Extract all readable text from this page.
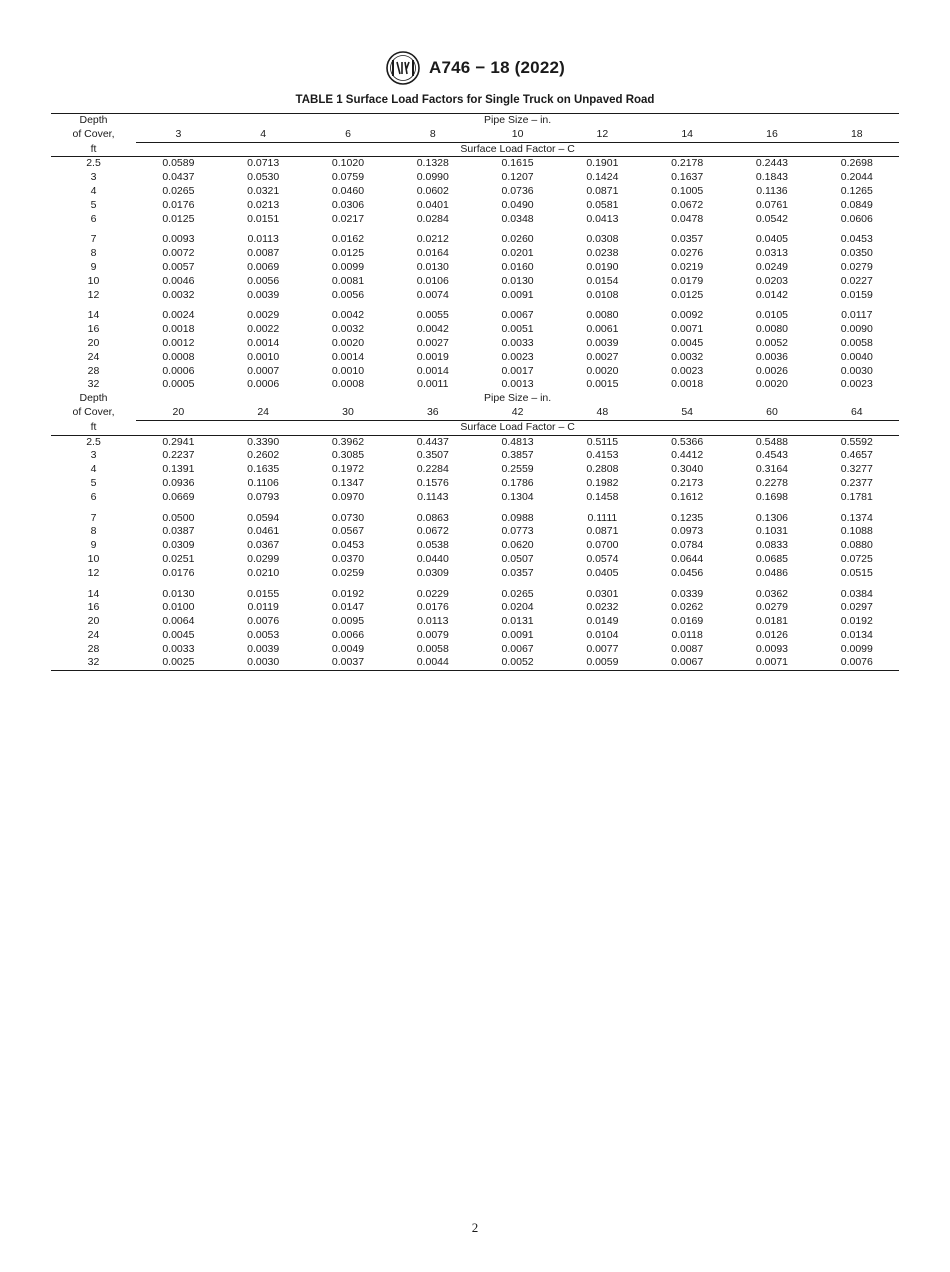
A746 − 18 (2022)
TABLE 1 Surface Load Factors for Single Truck on Unpaved Road
Depth	Pipe Size – in.								
of Cover,	3	4	6	8	10	12	14	16	18
ft	Surface Load Factor – C								
2.5	0.0589	0.0713	0.1020	0.1328	0.1615	0.1901	0.2178	0.2443	0.2698
3	0.0437	0.0530	0.0759	0.0990	0.1207	0.1424	0.1637	0.1843	0.2044
4	0.0265	0.0321	0.0460	0.0602	0.0736	0.0871	0.1005	0.1136	0.1265
5	0.0176	0.0213	0.0306	0.0401	0.0490	0.0581	0.0672	0.0761	0.0849
6	0.0125	0.0151	0.0217	0.0284	0.0348	0.0413	0.0478	0.0542	0.0606

7	0.0093	0.0113	0.0162	0.0212	0.0260	0.0308	0.0357	0.0405	0.0453
8	0.0072	0.0087	0.0125	0.0164	0.0201	0.0238	0.0276	0.0313	0.0350
9	0.0057	0.0069	0.0099	0.0130	0.0160	0.0190	0.0219	0.0249	0.0279
10	0.0046	0.0056	0.0081	0.0106	0.0130	0.0154	0.0179	0.0203	0.0227
12	0.0032	0.0039	0.0056	0.0074	0.0091	0.0108	0.0125	0.0142	0.0159

14	0.0024	0.0029	0.0042	0.0055	0.0067	0.0080	0.0092	0.0105	0.0117
16	0.0018	0.0022	0.0032	0.0042	0.0051	0.0061	0.0071	0.0080	0.0090
20	0.0012	0.0014	0.0020	0.0027	0.0033	0.0039	0.0045	0.0052	0.0058
24	0.0008	0.0010	0.0014	0.0019	0.0023	0.0027	0.0032	0.0036	0.0040
28	0.0006	0.0007	0.0010	0.0014	0.0017	0.0020	0.0023	0.0026	0.0030
32	0.0005	0.0006	0.0008	0.0011	0.0013	0.0015	0.0018	0.0020	0.0023
Depth	Pipe Size – in.								
of Cover,	20	24	30	36	42	48	54	60	64
ft	Surface Load Factor – C								
2.5	0.2941	0.3390	0.3962	0.4437	0.4813	0.5115	0.5366	0.5488	0.5592
3	0.2237	0.2602	0.3085	0.3507	0.3857	0.4153	0.4412	0.4543	0.4657
4	0.1391	0.1635	0.1972	0.2284	0.2559	0.2808	0.3040	0.3164	0.3277
5	0.0936	0.1106	0.1347	0.1576	0.1786	0.1982	0.2173	0.2278	0.2377
6	0.0669	0.0793	0.0970	0.1143	0.1304	0.1458	0.1612	0.1698	0.1781

7	0.0500	0.0594	0.0730	0.0863	0.0988	0.1111	0.1235	0.1306	0.1374
8	0.0387	0.0461	0.0567	0.0672	0.0773	0.0871	0.0973	0.1031	0.1088
9	0.0309	0.0367	0.0453	0.0538	0.0620	0.0700	0.0784	0.0833	0.0880
10	0.0251	0.0299	0.0370	0.0440	0.0507	0.0574	0.0644	0.0685	0.0725
12	0.0176	0.0210	0.0259	0.0309	0.0357	0.0405	0.0456	0.0486	0.0515

14	0.0130	0.0155	0.0192	0.0229	0.0265	0.0301	0.0339	0.0362	0.0384
16	0.0100	0.0119	0.0147	0.0176	0.0204	0.0232	0.0262	0.0279	0.0297
20	0.0064	0.0076	0.0095	0.0113	0.0131	0.0149	0.0169	0.0181	0.0192
24	0.0045	0.0053	0.0066	0.0079	0.0091	0.0104	0.0118	0.0126	0.0134
28	0.0033	0.0039	0.0049	0.0058	0.0067	0.0077	0.0087	0.0093	0.0099
32	0.0025	0.0030	0.0037	0.0044	0.0052	0.0059	0.0067	0.0071	0.0076
2
